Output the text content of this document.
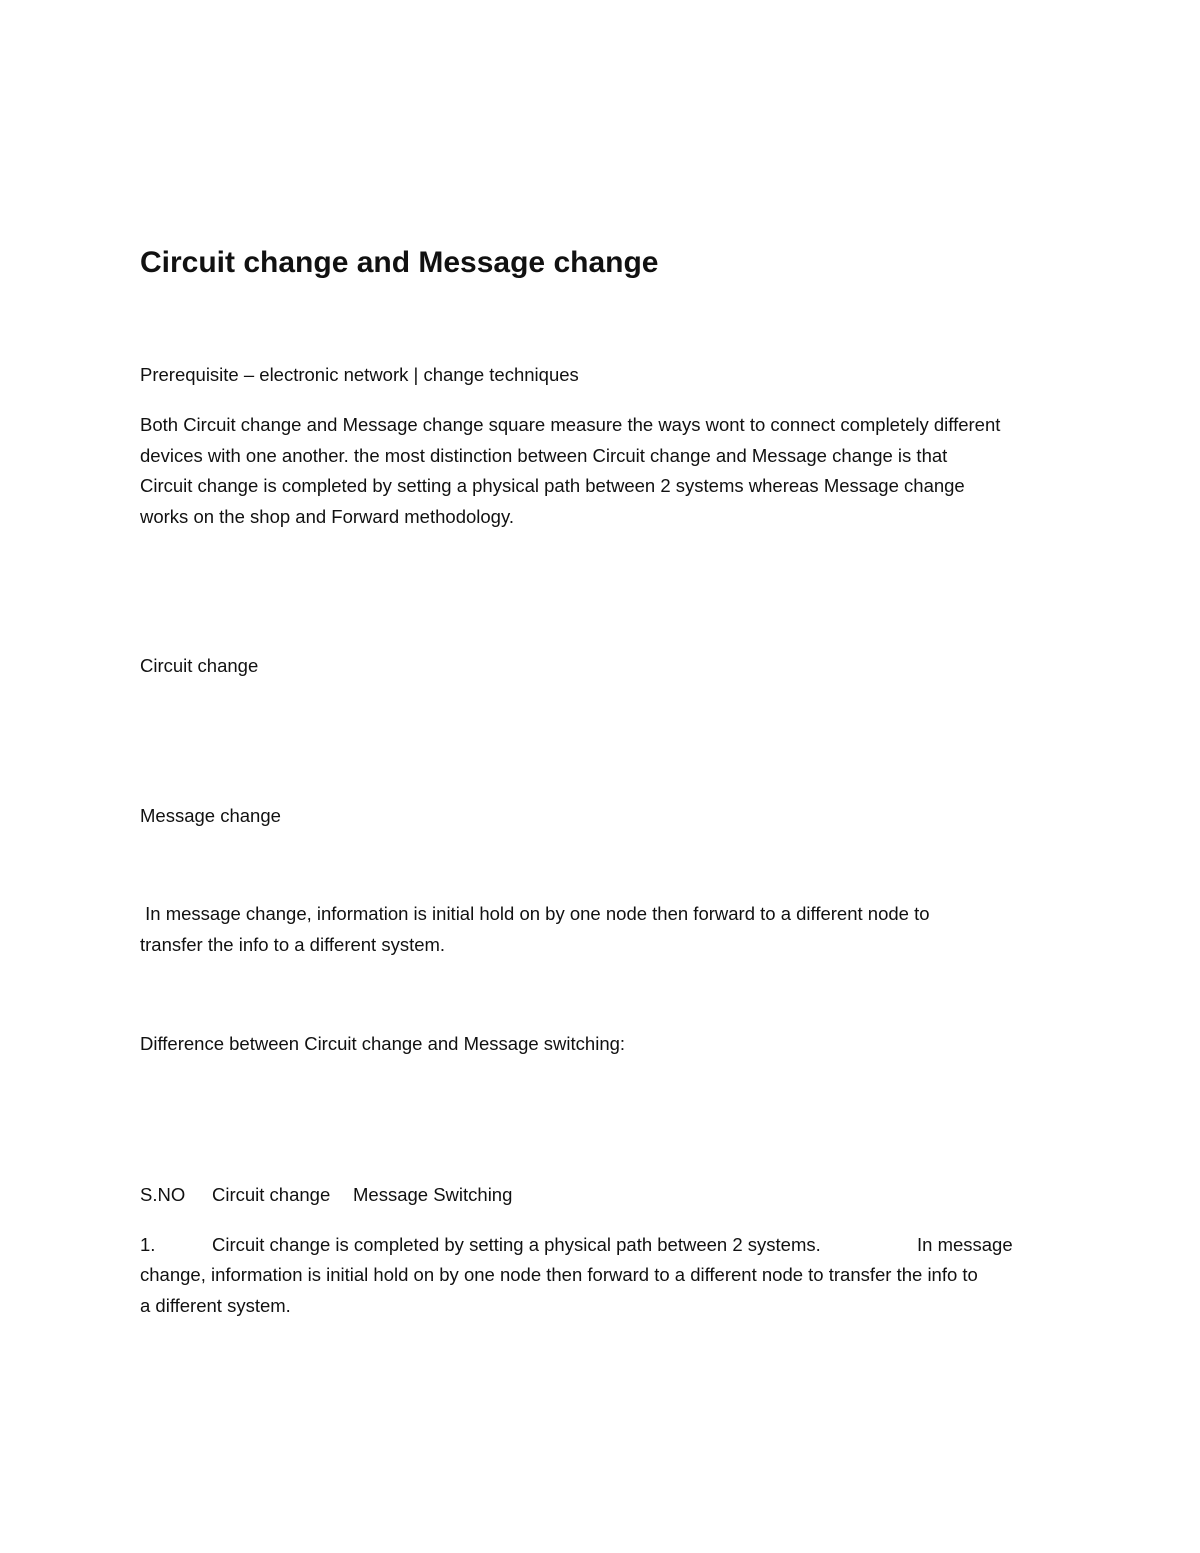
Circuit change and Message change

Prerequisite – electronic network | change techniques

Both Circuit change and Message change square measure the ways wont to connect completely different

devices with one another. the most distinction between Circuit change and Message change is that

Circuit change is completed by setting a physical path between 2 systems whereas Message change

works on the shop and Forward methodology.

Circuit change

Message change

In message change, information is initial hold on by one node then forward to a different node to

transfer the info to a different system.

Difference between Circuit change and Message switching:

S.NO Circuit change Message Switching
1.	Circuit change is completed by setting a physical path between 2 systems.	In message

change, information is initial hold on by one node then forward to a different node to transfer the info to

a different system.
